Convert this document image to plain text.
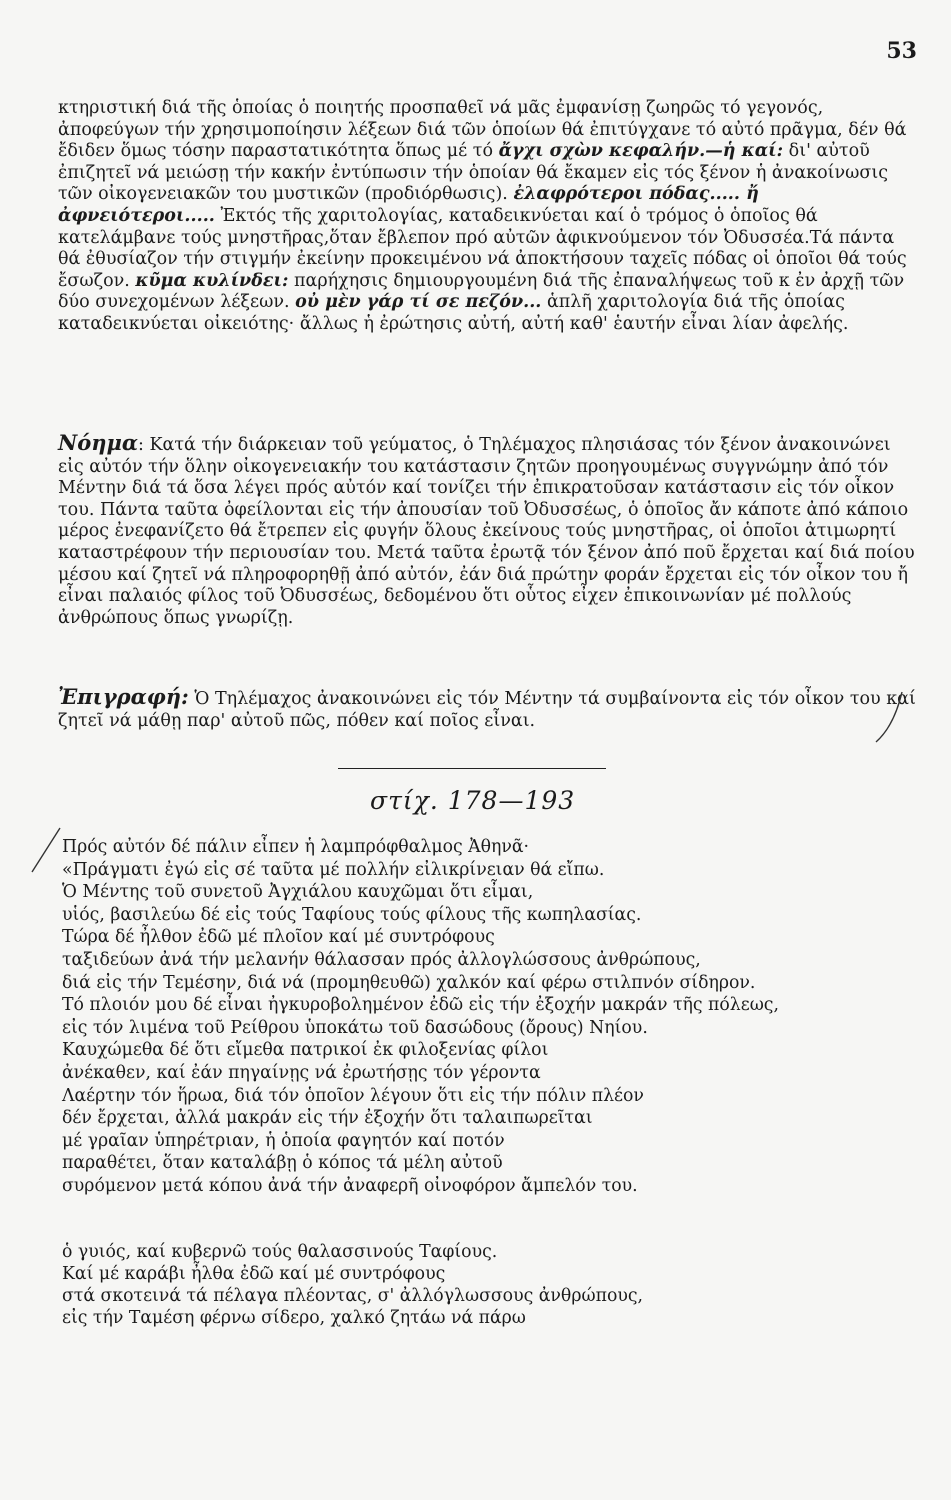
53

κτηριστική διά τῆς ὁποίας ὁ ποιητής προσπαθεῖ νά μᾶς ἐμφανίσῃ ζωηρῶς τό γεγονός, ἀποφεύγων τήν χρησιμοποίησιν λέξεων διά τῶν ὁποίων θά ἐπιτύγχανε τό αὐτό πρᾶγμα, δέν θά ἔδιδεν ὅμως τόσην παραστατικότητα ὅπως μέ τό ἄγχι σχὼν κεφαλήν.—ἡ καί: δι' αὐτοῦ ἐπιζητεῖ νά μειώσῃ τήν κακήν ἐντύπωσιν τήν ὁποίαν θά ἔκαμεν εἰς τός ξένον ἡ ἀνακοίνωσις τῶν οἰκογενειακῶν του μυστικῶν (προδιόρθωσις). ἐλαφρότεροι πόδας..... ἤ ἀφνειότεροι..... Ἐκτός τῆς χαριτολογίας, καταδεικνύεται καί ὁ τρόμος ὁ ὁποῖος θά κατελάμβανε τούς μνηστῆρας,ὅταν ἔβλεπον πρό αὐτῶν ἀφικνούμενον τόν Ὀδυσσέα.Τά πάντα θά ἐθυσίαζον τήν στιγμήν ἐκείνην προκειμένου νά ἀποκτήσουν ταχεῖς πόδας οἱ ὁποῖοι θά τούς ἔσωζον. κῦμα κυλίνδει: παρήχησις δημιουργουμένη διά τῆς ἐπαναλήψεως τοῦ κ ἐν ἀρχῇ τῶν δύο συνεχομένων λέξεων. οὐ μὲν γάρ τί σε πεζόν... ἁπλῆ χαριτολογία διά τῆς ὁποίας καταδεικνύεται οἰκειότης· ἄλλως ἡ ἐρώτησις αὐτή, αὐτή καθ' ἑαυτήν εἶναι λίαν ἀφελής.

Νόημα: Κατά τήν διάρκειαν τοῦ γεύματος, ὁ Τηλέμαχος πλησιάσας τόν ξένον ἀνακοινώνει εἰς αὐτόν τήν ὅλην οἰκογενειακήν του κατάστασιν ζητῶν προηγουμένως συγγνώμην ἀπό τόν Μέντην διά τά ὅσα λέγει πρός αὐτόν καί τονίζει τήν ἐπικρατοῦσαν κατάστασιν εἰς τόν οἶκον του. Πάντα ταῦτα ὀφείλονται εἰς τήν ἀπουσίαν τοῦ Ὀδυσσέως, ὁ ὁποῖος ἄν κάποτε ἀπό κάποιο μέρος ἐνεφανίζετο θά ἔτρεπεν εἰς φυγήν ὅλους ἐκείνους τούς μνηστῆρας, οἱ ὁποῖοι ἀτιμωρητί καταστρέφουν τήν περιουσίαν του. Μετά ταῦτα ἐρωτᾷ τόν ξένον ἀπό ποῦ ἔρχεται καί διά ποίου μέσου καί ζητεῖ νά πληροφορηθῇ ἀπό αὐτόν, ἐάν διά πρώτην φοράν ἔρχεται εἰς τόν οἶκον του ἤ εἶναι παλαιός φίλος τοῦ Ὀδυσσέως, δεδομένου ὅτι οὗτος εἶχεν ἐπικοινωνίαν μέ πολλούς ἀνθρώπους ὅπως γνωρίζῃ.
Ἐπιγραφή: Ὁ Τηλέμαχος ἀνακοινώνει εἰς τόν Μέντην τά συμβαίνοντα εἰς τόν οἶκον του καί ζητεῖ νά μάθῃ παρ' αὐτοῦ πῶς, πόθεν καί ποῖος εἶναι.
στίχ. 178—193
Πρός αὐτόν δέ πάλιν εἶπεν ἡ λαμπρόφθαλμος Ἀθηνᾶ·
«Πράγματι ἐγώ εἰς σέ ταῦτα μέ πολλήν εἰλικρίνειαν θά εἴπω.
Ὁ Μέντης τοῦ συνετοῦ Ἀγχιάλου καυχῶμαι ὅτι εἶμαι,
υἱός, βασιλεύω δέ εἰς τούς Ταφίους τούς φίλους τῆς κωπηλασίας.
Τώρα δέ ἦλθον ἐδῶ μέ πλοῖον καί μέ συντρόφους
ταξιδεύων ἀνά τήν μελανήν θάλασσαν πρός ἀλλογλώσσους ἀνθρώπους,
διά εἰς τήν Τεμέσην, διά νά (προμηθευθῶ) χαλκόν καί φέρω στιλπνόν σίδηρον.
Τό πλοιόν μου δέ εἶναι ἠγκυροβολημένον ἐδῶ εἰς τήν ἐξοχήν μακράν τῆς πόλεως,
εἰς τόν λιμένα τοῦ Ρείθρου ὑποκάτω τοῦ δασώδους (ὄρους) Νηίου.
Καυχώμεθα δέ ὅτι εἴμεθα πατρικοί ἐκ φιλοξενίας φίλοι
ἀνέκαθεν, καί ἐάν πηγαίνῃς νά ἐρωτήσῃς τόν γέροντα
Λαέρτην τόν ἥρωα, διά τόν ὁποῖον λέγουν ὅτι εἰς τήν πόλιν πλέον
δέν ἔρχεται, ἀλλά μακράν εἰς τήν ἐξοχήν ὅτι ταλαιπωρεῖται
μέ γραῖαν ὑπηρέτριαν, ἡ ὁποία φαγητόν καί ποτόν
παραθέτει, ὅταν καταλάβῃ ὁ κόπος τά μέλη αὐτοῦ
συρόμενον μετά κόπου ἀνά τήν ἀναφερῆ οἰνοφόρον ἄμπελόν του.
ὁ γυιός, καί κυβερνῶ τούς θαλασσινούς Ταφίους.
Καί μέ καράβι ἦλθα ἐδῶ καί μέ συντρόφους
στά σκοτεινά τά πέλαγα πλέοντας, σ' ἀλλόγλωσσους ἀνθρώπους,
εἰς τήν Ταμέση φέρνω σίδερο, χαλκό ζητάω νά πάρω
